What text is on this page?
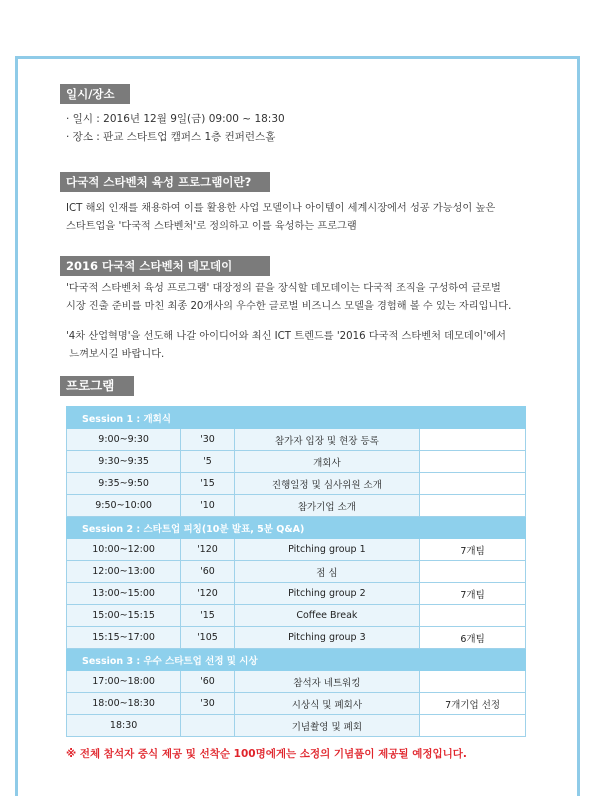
일시/장소
· 일시 : 2016년 12월 9일(금) 09:00 ~ 18:30
· 장소 : 판교 스타트업 캠퍼스 1층 컨퍼런스홀
다국적 스타벤처 육성 프로그램이란?
ICT 해외 인재를 채용하여 이를 활용한 사업 모델이나 아이템이 세계시장에서 성공 가능성이 높은
스타트업을 '다국적 스타벤처'로 정의하고 이를 육성하는 프로그램
2016 다국적 스타벤처 데모데이
'다국적 스타벤처 육성 프로그램' 대장정의 끝을 장식할 데모데이는 다국적 조직을 구성하여 글로벌
시장 진출 준비를 마친 최종 20개사의 우수한 글로벌 비즈니스 모델을 경험해 볼 수 있는 자리입니다.
'4차 산업혁명'을 선도해 나갈 아이디어와 최신 ICT 트렌드를 '2016 다국적 스타벤처 데모데이'에서
느껴보시길 바랍니다.
프로그램
Session 1 : 개회식			
9:00~9:30	'30	참가자 입장 및 현장 등록	
9:30~9:35	'5	개회사	
9:35~9:50	'15	진행일정 및 심사위원 소개	
9:50~10:00	'10	참가기업 소개	
Session 2 : 스타트업 피칭(10분 발표, 5분 Q&A)			
10:00~12:00	'120	Pitching group 1	7개팀
12:00~13:00	'60	점 심	
13:00~15:00	'120	Pitching group 2	7개팀
15:00~15:15	'15	Coffee Break	
15:15~17:00	'105	Pitching group 3	6개팀
Session 3 : 우수 스타트업 선정 및 시상			
17:00~18:00	'60	참석자 네트워킹	
18:00~18:30	'30	시상식 및 폐회사	7개기업 선정
18:30		기념촬영 및 폐회	
※ 전체 참석자 중식 제공 및 선착순 100명에게는 소정의 기념품이 제공될 예정입니다.
